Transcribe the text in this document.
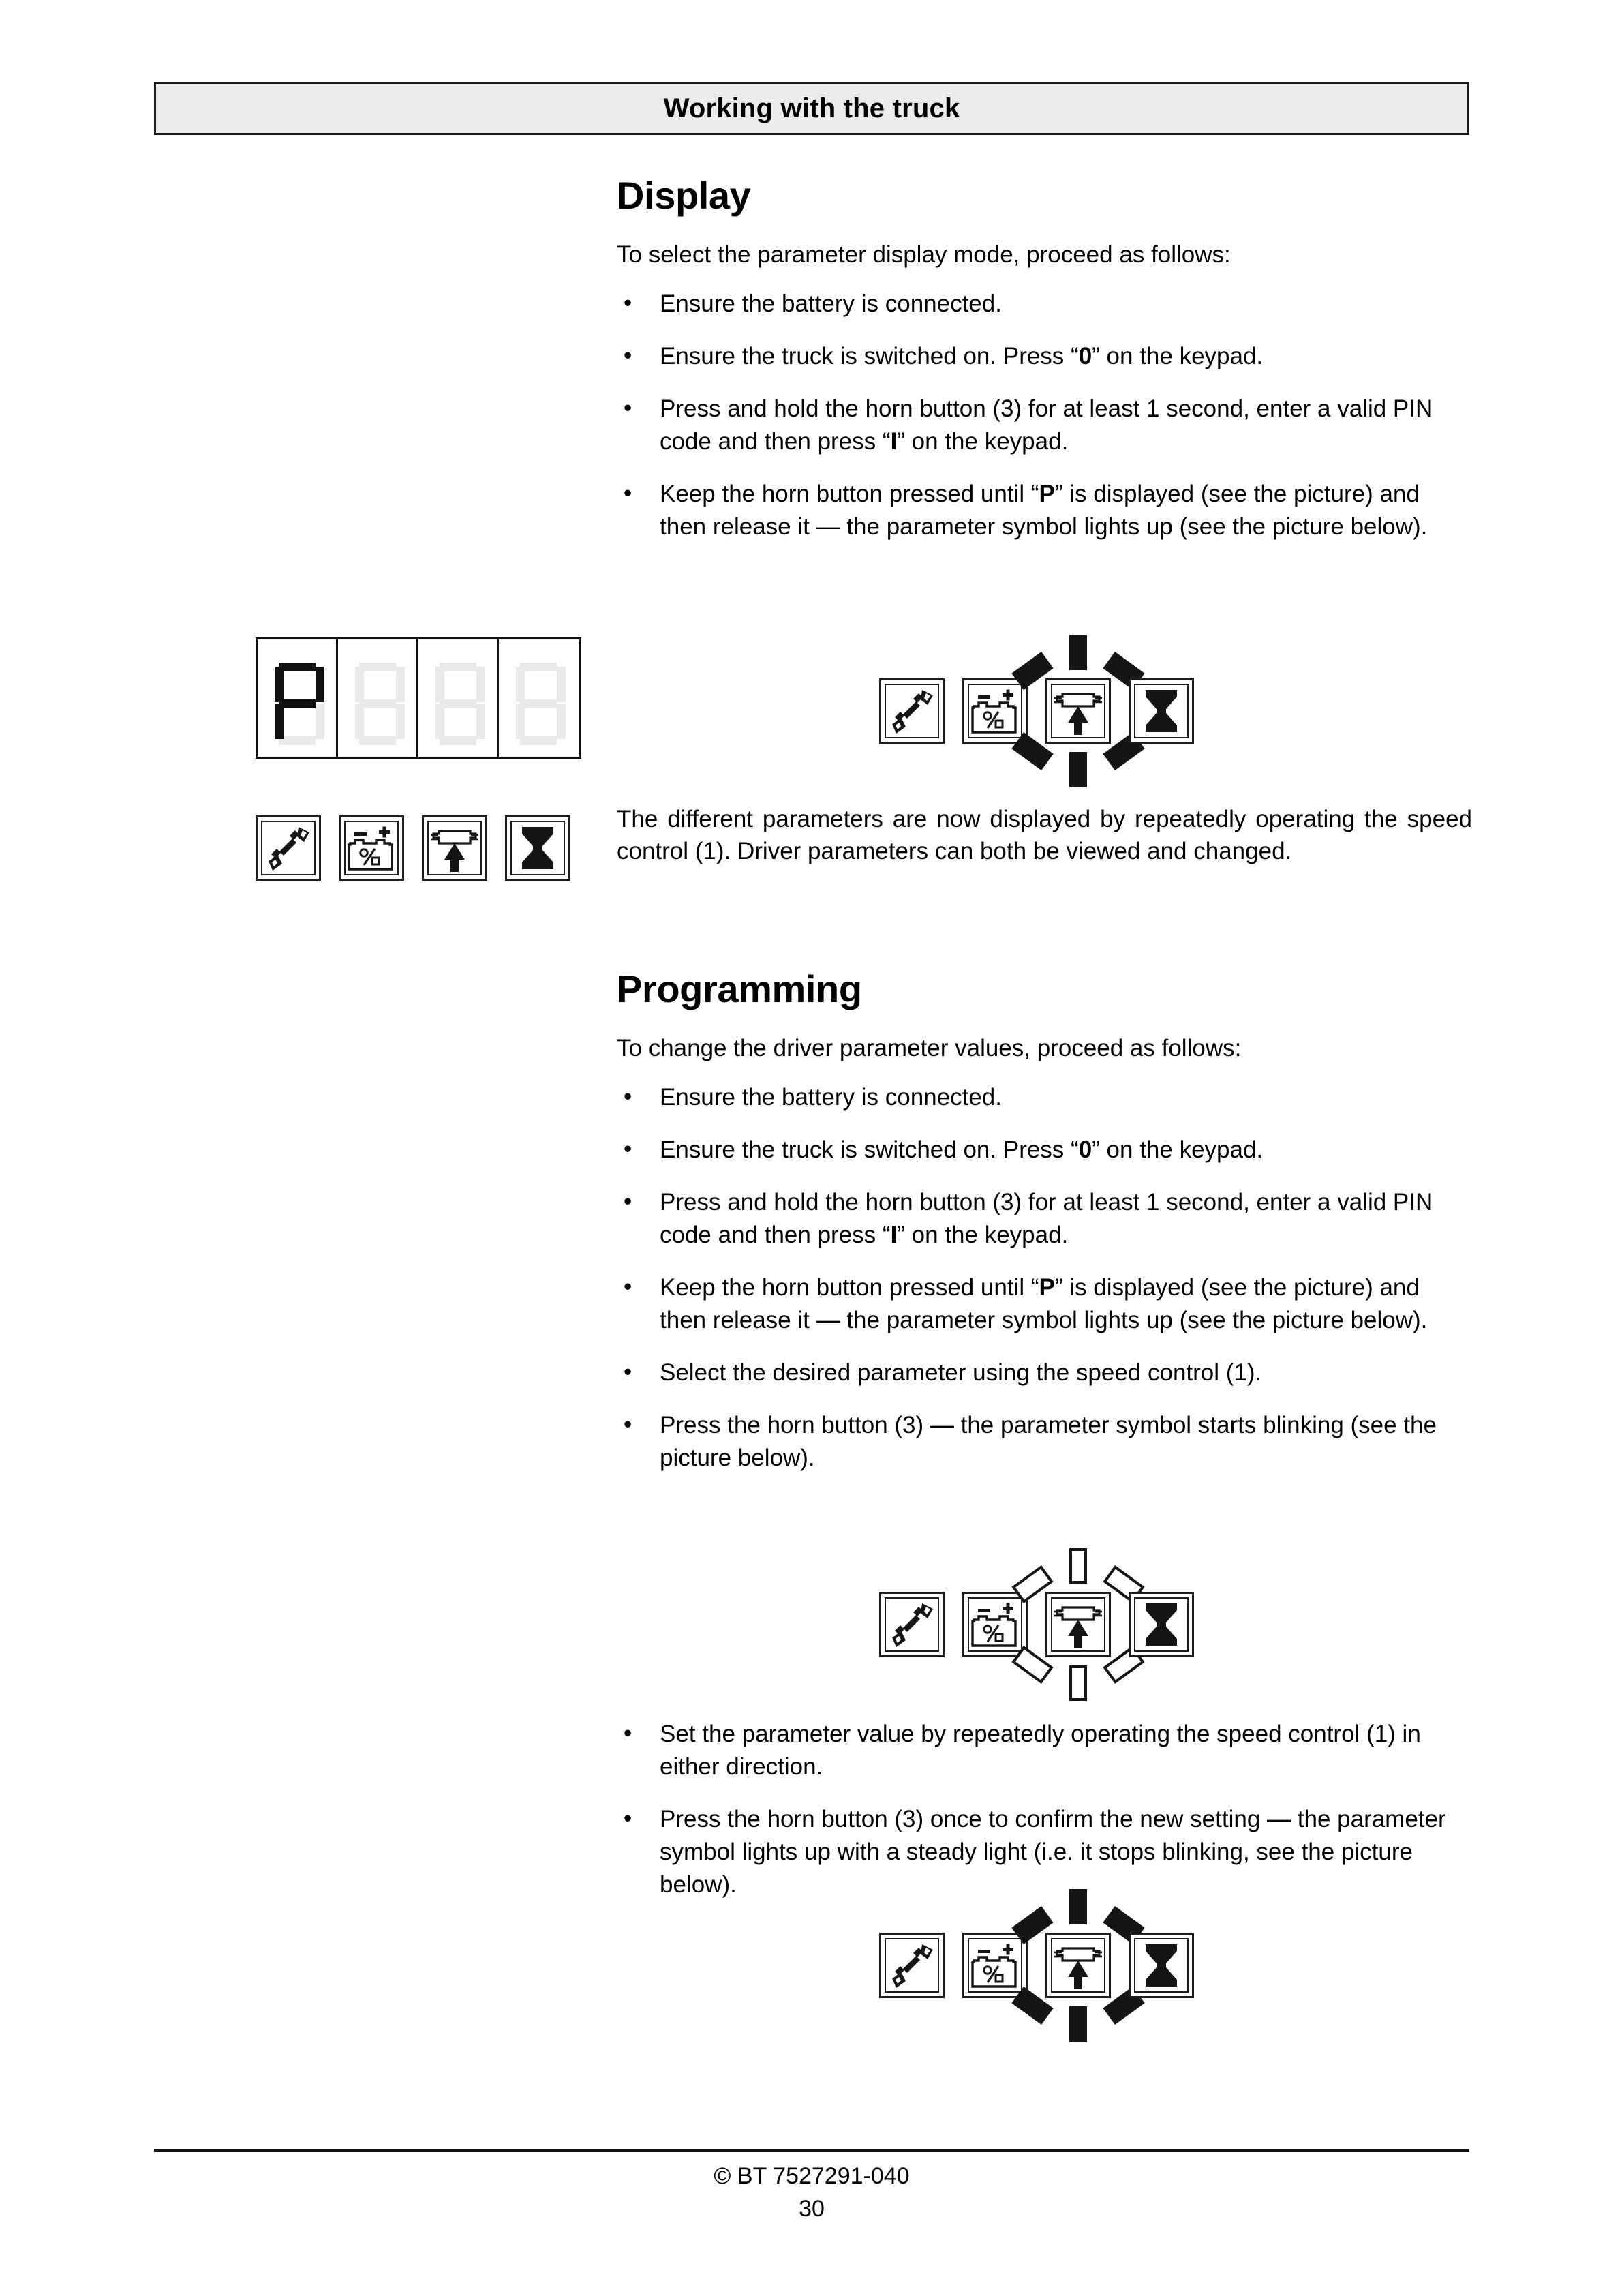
Working with the truck
Display

To select the parameter display mode, proceed as follows:

• Ensure the battery is connected.
• Ensure the truck is switched on. Press “0” on the keypad.
• Press and hold the horn button (3) for at least 1 second, enter a valid PIN code and then press “I” on the keypad.
• Keep the horn button pressed until “P” is displayed (see the picture) and then release it — the parameter symbol lights up (see the picture below).

The different parameters are now displayed by repeatedly operating the speed control (1). Driver parameters can both be viewed and changed.

Programming

To change the driver parameter values, proceed as follows:

• Ensure the battery is connected.
• Ensure the truck is switched on. Press “0” on the keypad.
• Press and hold the horn button (3) for at least 1 second, enter a valid PIN code and then press “I” on the keypad.
• Keep the horn button pressed until “P” is displayed (see the picture) and then release it — the parameter symbol lights up (see the picture below).
• Select the desired parameter using the speed control (1).
• Press the horn button (3) — the parameter symbol starts blinking (see the picture below).
• Set the parameter value by repeatedly operating the speed control (1) in either direction.
• Press the horn button (3) once to confirm the new setting — the parameter symbol lights up with a steady light (i.e. it stops blinking, see the picture below).
© BT 7527291-040
30
